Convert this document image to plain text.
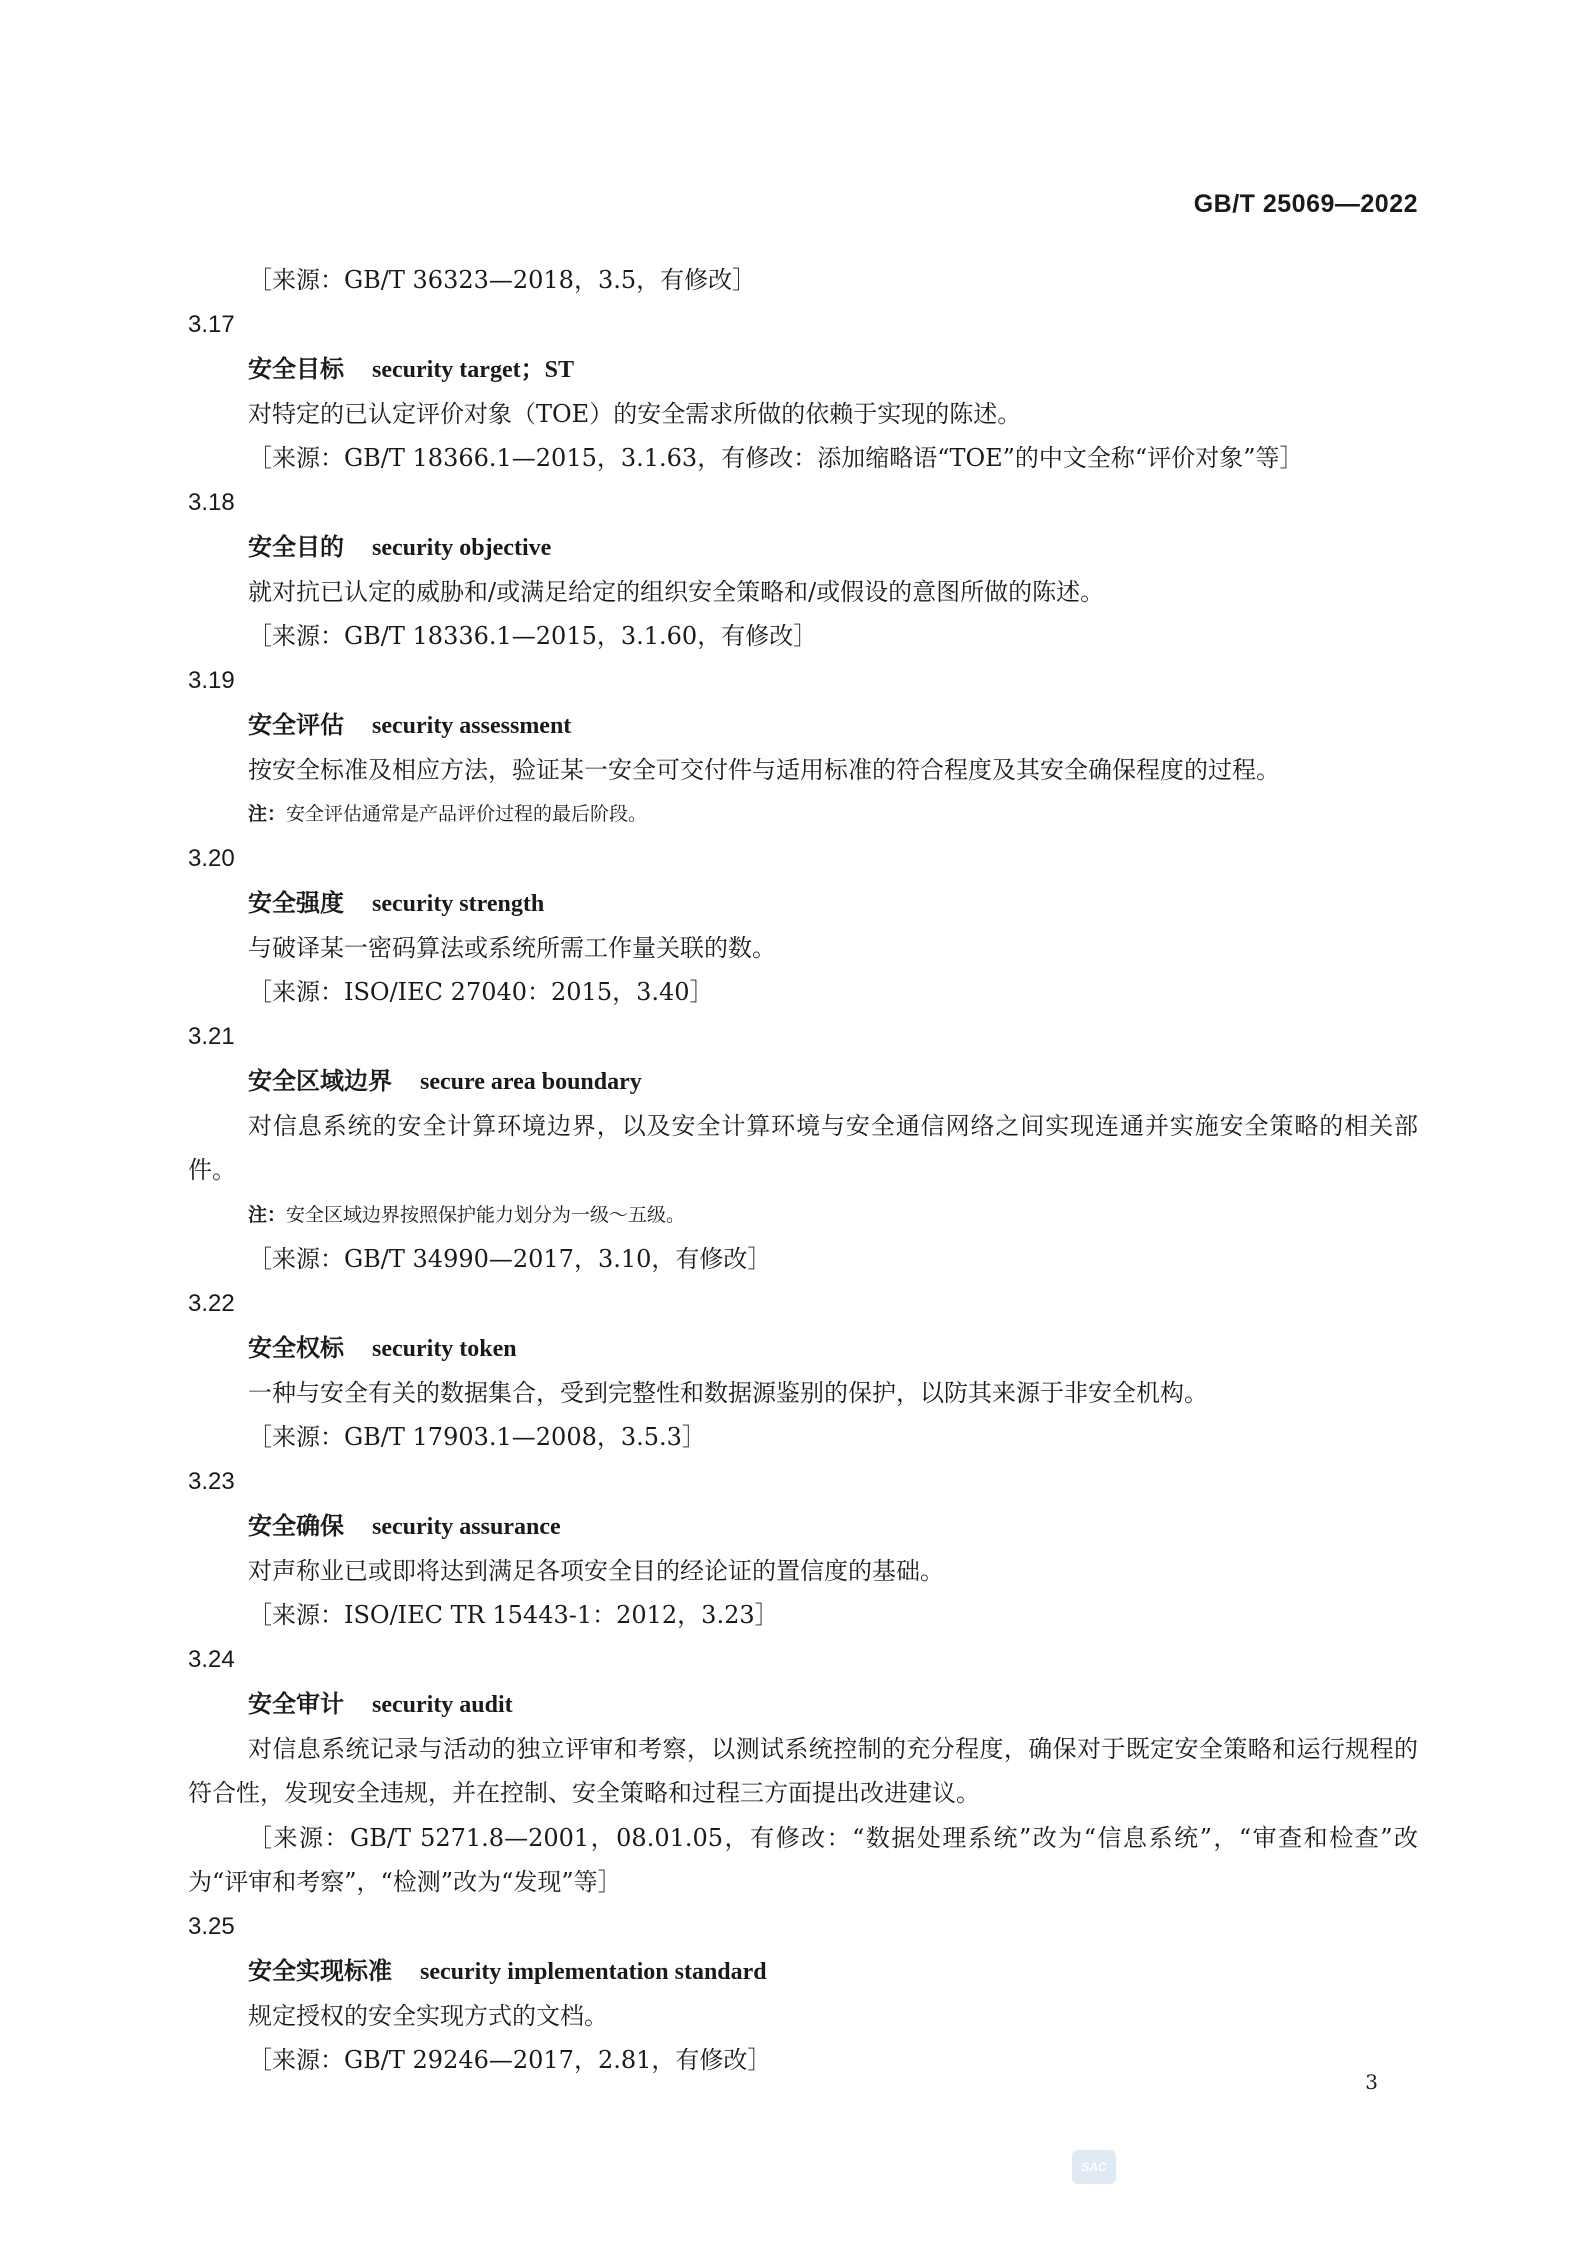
GB/T 25069—2022
［来源：GB/T 36323—2018，3.5，有修改］
3.17
安全目标 security target；ST
对特定的已认定评价对象（TOE）的安全需求所做的依赖于实现的陈述。
［来源：GB/T 18366.1—2015，3.1.63，有修改：添加缩略语“TOE”的中文全称“评价对象”等］
3.18
安全目的 security objective
就对抗已认定的威胁和/或满足给定的组织安全策略和/或假设的意图所做的陈述。
［来源：GB/T 18336.1—2015，3.1.60，有修改］
3.19
安全评估 security assessment
按安全标准及相应方法，验证某一安全可交付件与适用标准的符合程度及其安全确保程度的过程。
注：安全评估通常是产品评价过程的最后阶段。
3.20
安全强度 security strength
与破译某一密码算法或系统所需工作量关联的数。
［来源：ISO/IEC 27040：2015，3.40］
3.21
安全区域边界 secure area boundary
对信息系统的安全计算环境边界，以及安全计算环境与安全通信网络之间实现连通并实施安全策略的相关部件。
注：安全区域边界按照保护能力划分为一级～五级。
［来源：GB/T 34990—2017，3.10，有修改］
3.22
安全权标 security token
一种与安全有关的数据集合，受到完整性和数据源鉴别的保护，以防其来源于非安全机构。
［来源：GB/T 17903.1—2008，3.5.3］
3.23
安全确保 security assurance
对声称业已或即将达到满足各项安全目的经论证的置信度的基础。
［来源：ISO/IEC TR 15443-1：2012，3.23］
3.24
安全审计 security audit
对信息系统记录与活动的独立评审和考察，以测试系统控制的充分程度，确保对于既定安全策略和运行规程的符合性，发现安全违规，并在控制、安全策略和过程三方面提出改进建议。
［来源：GB/T 5271.8—2001，08.01.05，有修改：“数据处理系统”改为“信息系统”，“审查和检查”改为“评审和考察”，“检测”改为“发现”等］
3.25
安全实现标准 security implementation standard
规定授权的安全实现方式的文档。
［来源：GB/T 29246—2017，2.81，有修改］
3
SAC
